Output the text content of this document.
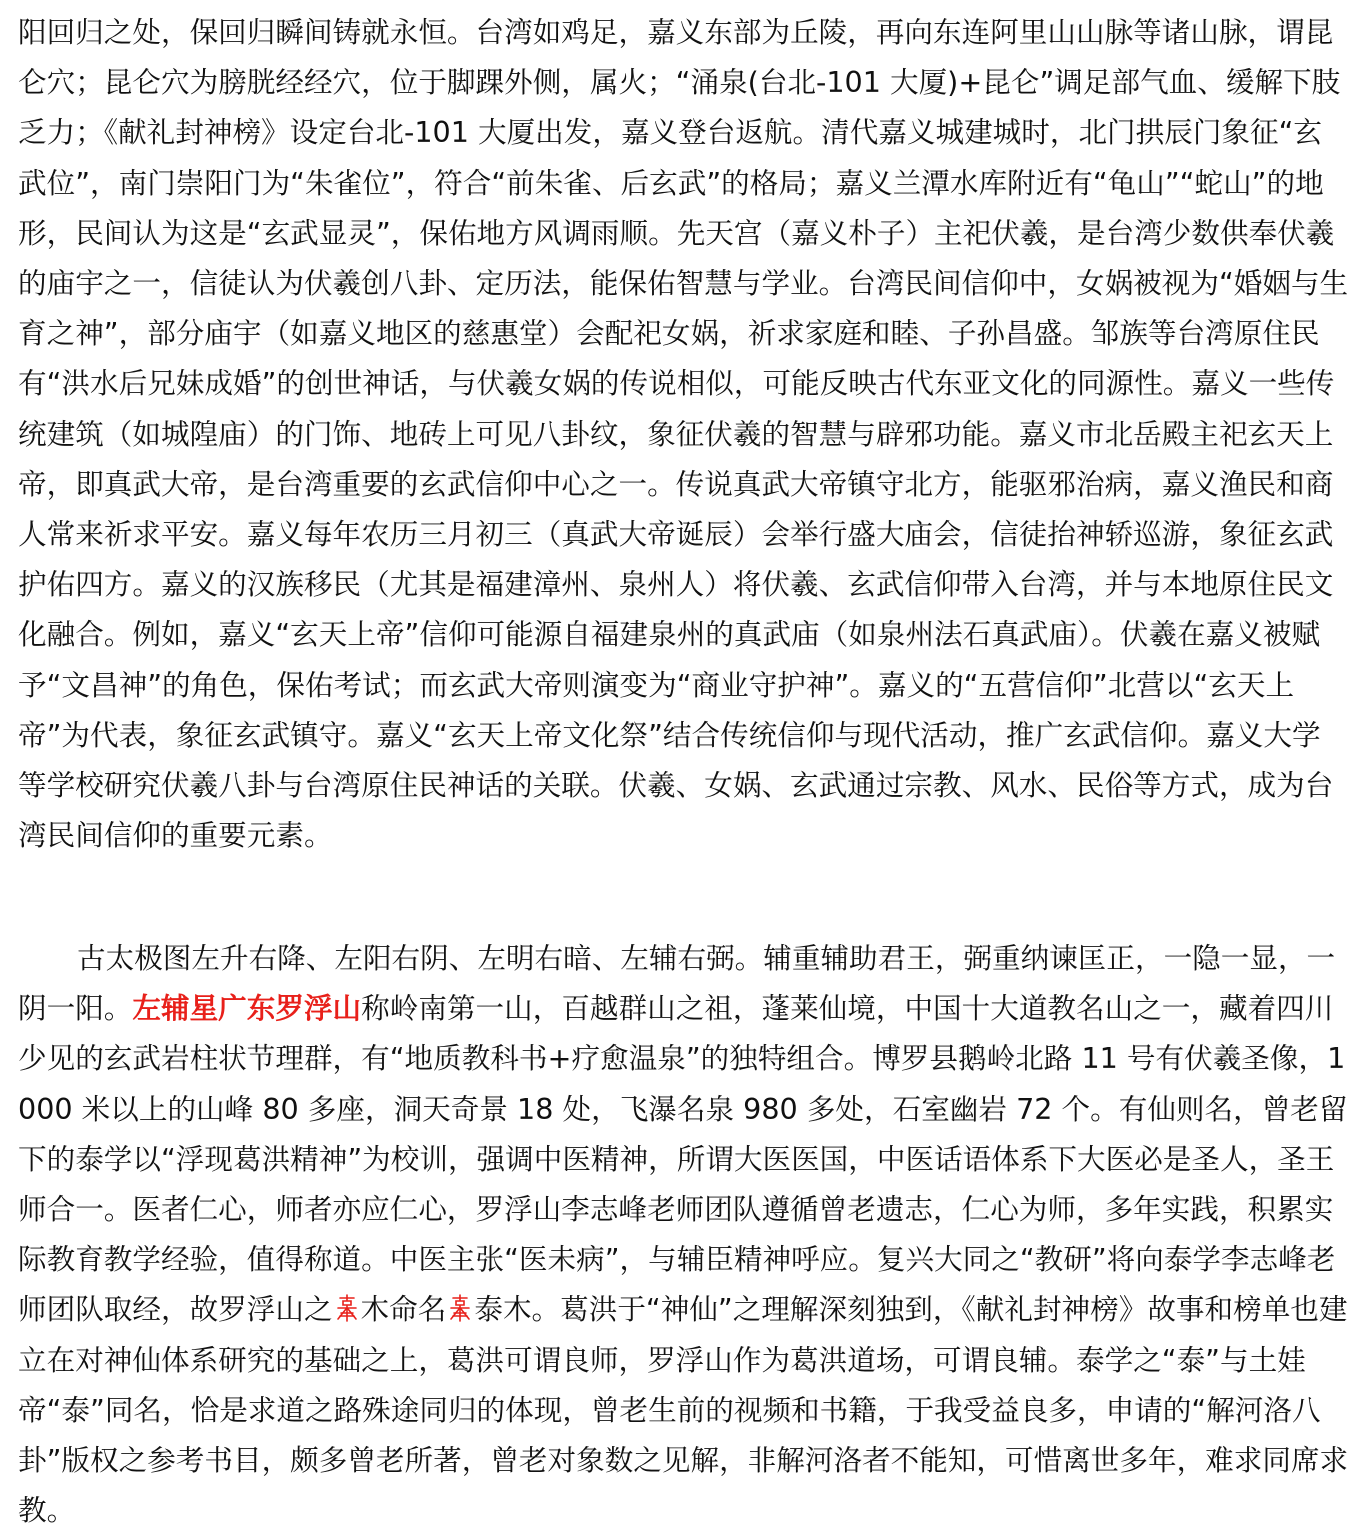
阳回归之处，保回归瞬间铸就永恒。台湾如鸡足，嘉义东部为丘陵，再向东连阿里山山脉等诸山脉，谓昆仑穴；昆仑穴为膀胱经经穴，位于脚踝外侧，属火；“涌泉(台北-101 大厦)+昆仑”调足部气血、缓解下肢乏力；《献礼封神榜》设定台北-101 大厦出发，嘉义登台返航。清代嘉义城建城时，北门拱辰门象征“玄武位”，南门崇阳门为“朱雀位”，符合“前朱雀、后玄武”的格局；嘉义兰潭水库附近有“龟山”“蛇山”的地形，民间认为这是“玄武显灵”，保佑地方风调雨顺。先天宫（嘉义朴子）主祀伏羲，是台湾少数供奉伏羲的庙宇之一，信徒认为伏羲创八卦、定历法，能保佑智慧与学业。台湾民间信仰中，女娲被视为“婚姻与生育之神”，部分庙宇（如嘉义地区的慈惠堂）会配祀女娲，祈求家庭和睦、子孙昌盛。邹族等台湾原住民有“洪水后兄妹成婚”的创世神话，与伏羲女娲的传说相似，可能反映古代东亚文化的同源性。嘉义一些传统建筑（如城隍庙）的门饰、地砖上可见八卦纹，象征伏羲的智慧与辟邪功能。嘉义市北岳殿主祀玄天上帝，即真武大帝，是台湾重要的玄武信仰中心之一。传说真武大帝镇守北方，能驱邪治病，嘉义渔民和商人常来祈求平安。嘉义每年农历三月初三（真武大帝诞辰）会举行盛大庙会，信徒抬神轿巡游，象征玄武护佑四方。嘉义的汉族移民（尤其是福建漳州、泉州人）将伏羲、玄武信仰带入台湾，并与本地原住民文化融合。例如，嘉义“玄天上帝”信仰可能源自福建泉州的真武庙（如泉州法石真武庙）。伏羲在嘉义被赋予“文昌神”的角色，保佑考试；而玄武大帝则演变为“商业守护神”。嘉义的“五营信仰”北营以“玄天上帝”为代表，象征玄武镇守。嘉义“玄天上帝文化祭”结合传统信仰与现代活动，推广玄武信仰。嘉义大学等学校研究伏羲八卦与台湾原住民神话的关联。伏羲、女娲、玄武通过宗教、风水、民俗等方式，成为台湾民间信仰的重要元素。

古太极图左升右降、左阳右阴、左明右暗、左辅右弼。辅重辅助君王，弼重纳谏匡正，一隐一显，一阴一阳。左辅星广东罗浮山称岭南第一山，百越群山之祖，蓬莱仙境，中国十大道教名山之一，藏着四川少见的玄武岩柱状节理群，有“地质教科书+疗愈温泉”的独特组合。博罗县鹅岭北路 11 号有伏羲圣像，1000 米以上的山峰 80 多座，洞天奇景 18 处，飞瀑名泉 980 多处，石室幽岩 72 个。有仙则名，曾老留下的泰学以“浮现葛洪精神”为校训，强调中医精神，所谓大医医国，中医话语体系下大医必是圣人，圣王师合一。医者仁心，师者亦应仁心，罗浮山李志峰老师团队遵循曾老遗志，仁心为师，多年实践，积累实际教育教学经验，值得称道。中医主张“医未病”，与辅臣精神呼应。复兴大同之“教研”将向泰学李志峰老师团队取经，故罗浮山之 木命名 泰木。葛洪于“神仙”之理解深刻独到，《献礼封神榜》故事和榜单也建立在对神仙体系研究的基础之上，葛洪可谓良师，罗浮山作为葛洪道场，可谓良辅。泰学之“泰”与土娃帝“泰”同名，恰是求道之路殊途同归的体现，曾老生前的视频和书籍，于我受益良多，申请的“解河洛八卦”版权之参考书目，颇多曾老所著，曾老对象数之见解，非解河洛者不能知，可惜离世多年，难求同席求教。
